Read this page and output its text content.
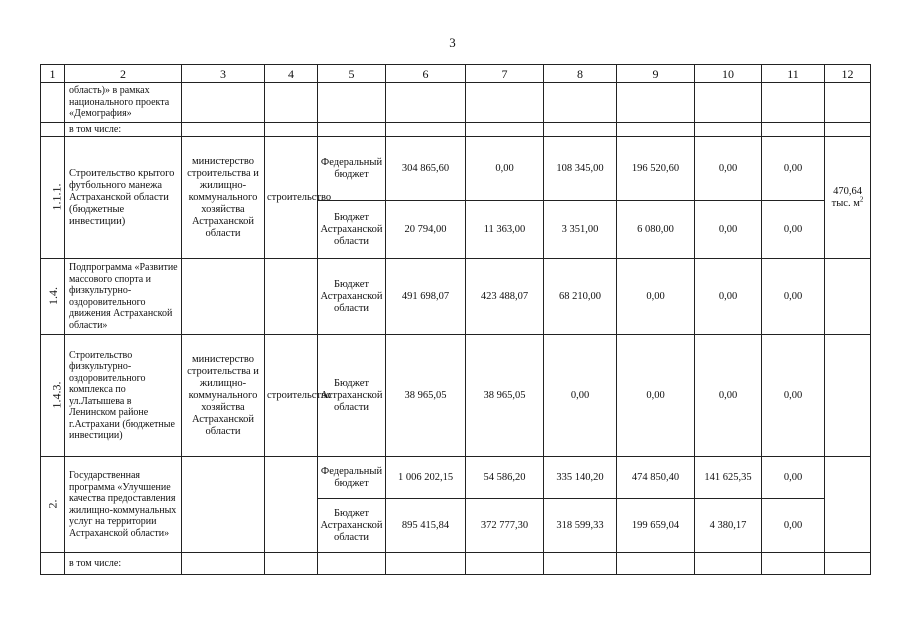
3
1	2	3	4	5	6	7	8	9	10	11	12
	область)» в рамках национального проекта «Демография»										
	в том числе:										
1.1.1.	Строительство крытого футбольного манежа Астраханской области (бюджетные инвестиции)	министерство строительства и жилищно-коммунального хозяйства Астраханской области	строительство	Федеральный бюджет	304 865,60	0,00	108 345,00	196 520,60	0,00	0,00	470,64
тыс. $м^2$
				Бюджет Астраханской области	20 794,00	11 363,00	3 351,00	6 080,00	0,00	0,00	
1.4.	Подпрограмма «Развитие массового спорта и физкультурно-оздоровительного движения Астраханской области»			Бюджет Астраханской области	491 698,07	423 488,07	68 210,00	0,00	0,00	0,00	
1.4.3.	Строительство физкультурно-оздоровительного комплекса по ул.Латышева в Ленинском районе г.Астрахани (бюджетные инвестиции)	министерство строительства и жилищно-коммунального хозяйства Астраханской области	строительство	Бюджет Астраханской области	38 965,05	38 965,05	0,00	0,00	0,00	0,00	
2.	Государственная программа «Улучшение качества предоставления жилищно-коммунальных услуг на территории Астраханской области»			Федеральный бюджет	1 006 202,15	54 586,20	335 140,20	474 850,40	141 625,35	0,00	
				Бюджет Астраханской области	895 415,84	372 777,30	318 599,33	199 659,04	4 380,17	0,00	
	в том числе:										
